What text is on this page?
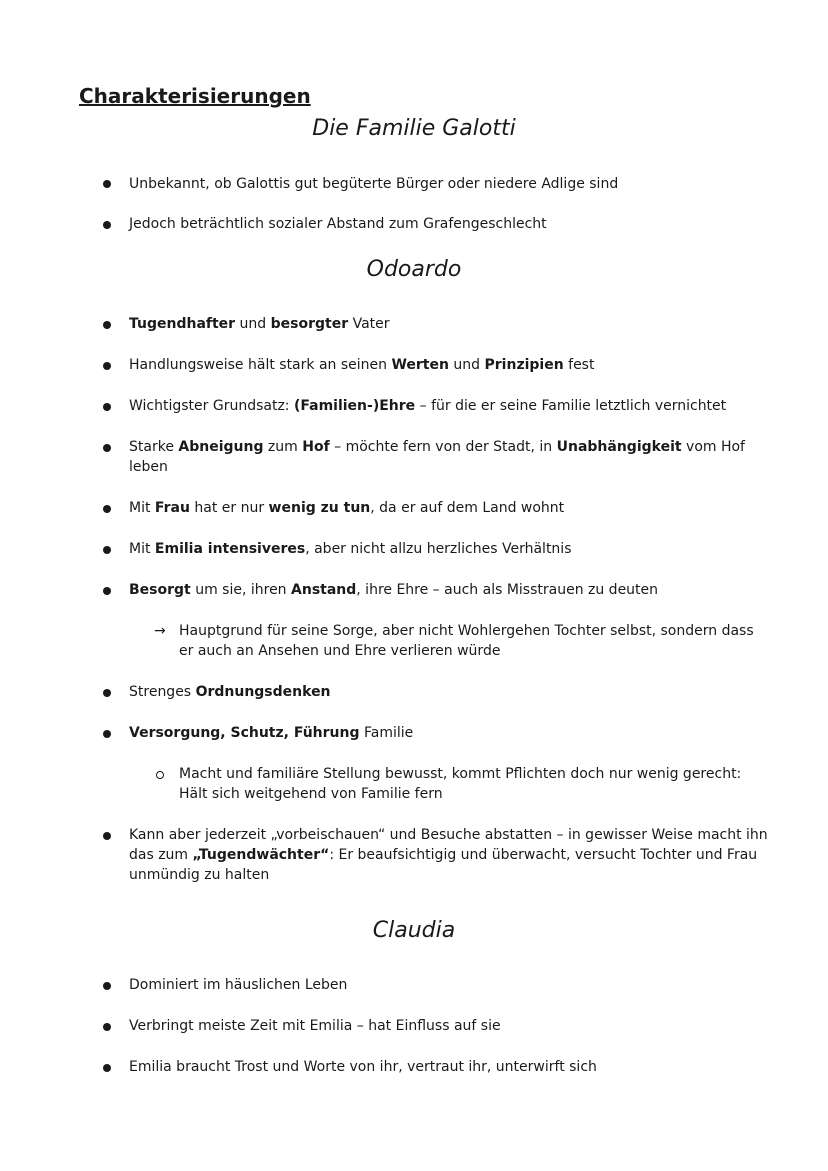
Charakterisierungen
Die Familie Galotti
Unbekannt, ob Galottis gut begüterte Bürger oder niedere Adlige sind
Jedoch beträchtlich sozialer Abstand zum Grafengeschlecht
Odoardo
Tugendhafter und besorgter Vater
Handlungsweise hält stark an seinen Werten und Prinzipien fest
Wichtigster Grundsatz: (Familien-)Ehre – für die er seine Familie letztlich vernichtet
Starke Abneigung zum Hof – möchte fern von der Stadt, in Unabhängigkeit vom Hof leben
Mit Frau hat er nur wenig zu tun, da er auf dem Land wohnt
Mit Emilia intensiveres, aber nicht allzu herzliches Verhältnis
Besorgt um sie, ihren Anstand, ihre Ehre – auch als Misstrauen zu deuten
→ Hauptgrund für seine Sorge, aber nicht Wohlergehen Tochter selbst, sondern dass er auch an Ansehen und Ehre verlieren würde
Strenges Ordnungsdenken
Versorgung, Schutz, Führung Familie
Macht und familiäre Stellung bewusst, kommt Pflichten doch nur wenig gerecht: Hält sich weitgehend von Familie fern
Kann aber jederzeit „vorbeischauen“ und Besuche abstatten – in gewisser Weise macht ihn das zum „Tugendwächter“: Er beaufsichtigig und überwacht, versucht Tochter und Frau unmündig zu halten
Claudia
Dominiert im häuslichen Leben
Verbringt meiste Zeit mit Emilia – hat Einfluss auf sie
Emilia braucht Trost und Worte von ihr, vertraut ihr, unterwirft sich
